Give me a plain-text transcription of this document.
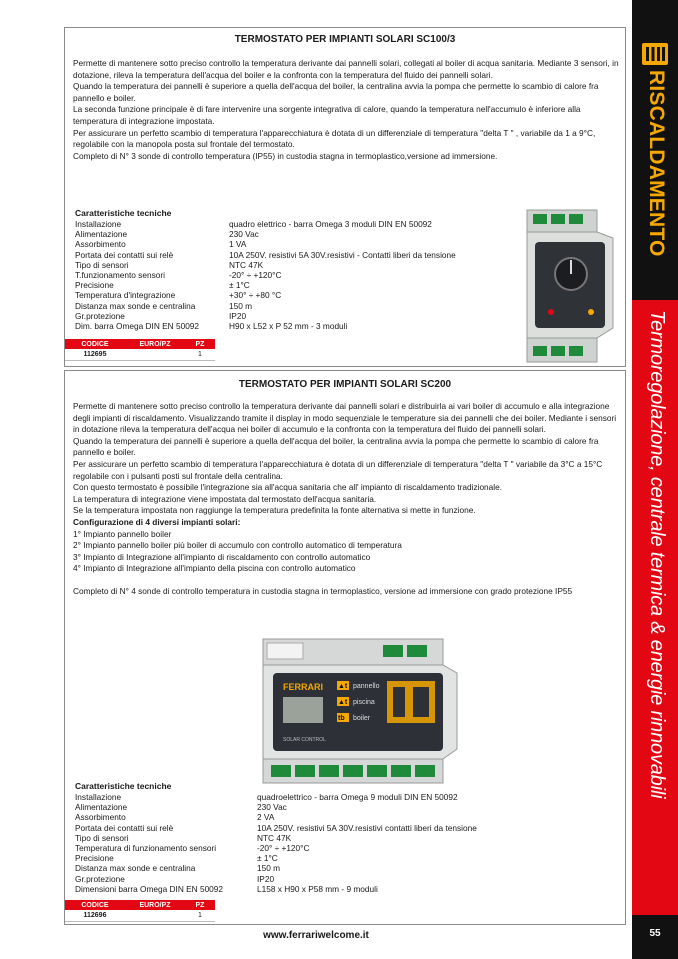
RISCALDAMENTO
Termoregolazione, centrale termica & energie rinnovabili
55
TERMOSTATO PER IMPIANTI SOLARI SC100/3

Permette di mantenere sotto preciso controllo la temperatura derivante dai pannelli solari, collegati al boiler di acqua sanitaria. Mediante 3 sensori, in dotazione, rileva la temperatura dell'acqua del boiler e la confronta con la temperatura del fluido dei pannelli solari.

Quando la temperatura dei pannelli è superiore a quella dell'acqua del boiler, la centralina avvia la pompa che permette lo scambio di calore fra pannello e boiler.

La seconda funzione principale è di fare intervenire una sorgente integrativa di calore, quando la temperatura nell'accumulo è inferiore alla temperatura di integrazione impostata.

Per assicurare un perfetto scambio di temperatura l'apparecchiatura è dotata di un differenziale di temperatura "delta T " , variabile da 1 a 9°C, regolabile con la manopola posta sul frontale del termostato.

Completo di N° 3 sonde di controllo temperatura (IP55) in custodia stagna in termoplastico,versione ad immersione.

Caratteristiche tecniche
Installazione	quadro elettrico - barra Omega 3 moduli DIN EN 50092
Alimentazione	230 Vac
Assorbimento	1 VA
Portata dei contatti sui relè	10A 250V. resistivi 5A 30V.resistivi - Contatti liberi da tensione
Tipo di sensori	NTC 47K
T.funzionamento sensori	-20° ÷ +120°C
Precisione	± 1°C
Temperatura d'integrazione	+30° ÷ +80 °C
Distanza max sonde e centralina	150 m
Gr.protezione	IP20
Dim. barra Omega DIN EN 50092	H90 x L52 x P 52 mm - 3 moduli
CODICE	EURO/PZ	PZ
112695		1
TERMOSTATO PER IMPIANTI SOLARI SC200

Permette di mantenere sotto preciso controllo la temperatura derivante dai pannelli solari e distribuirla ai vari boiler di accumulo e alla integrazione degli impianti di riscaldamento. Visualizzando tramite il display in modo sequenziale le temperature sia dei pannelli che dei boiler. Mediante i sensori in dotazione rileva la temperatura dell'acqua nei boiler di accumulo e la confronta con la temperatura del fluido dei pannelli solari.

Quando la temperatura dei pannelli è superiore a quella dell'acqua del boiler, la centralina avvia la pompa che permette lo scambio di calore fra pannello e boiler.

Per assicurare un perfetto scambio di temperatura l'apparecchiatura è dotata di un differenziale di temperatura "delta T " variabile da 3°C a 15°C regolabile con i pulsanti posti sul frontale della centralina.

Con questo termostato è possibile l'integrazione sia all'acqua sanitaria che all' impianto di riscaldamento tradizionale.

La temperatura di integrazione viene impostata dal termostato dell'acqua sanitaria.

Se la temperatura impostata non raggiunge la temperatura predefinita la fonte alternativa si mette in funzione.

Configurazione di 4 diversi impianti solari:

1° Impianto pannello boiler

2° Impianto pannello boiler più boiler di accumulo con controllo automatico di temperatura

3° Impianto di Integrazione all'impianto di riscaldamento con controllo automatico

4° Impianto di Integrazione all'impianto della piscina con controllo automatico

Completo di N° 4 sonde di controllo temperatura in custodia stagna in termoplastico, versione ad immersione con grado protezione IP55

FERRARI ▲t pannello
▲t piscina
tb boiler
SOLAR CONTROL
Caratteristiche tecniche
Installazione	quadroelettrico - barra Omega 9 moduli DIN EN 50092
Alimentazione	230 Vac
Assorbimento	2 VA
Portata dei contatti sui relè	10A 250V. resistivi 5A 30V.resistivi contatti liberi da tensione
Tipo di sensori	NTC 47K
Temperatura di funzionamento sensori	-20° ÷ +120°C
Precisione	± 1°C
Distanza max sonde e centralina	150 m
Gr.protezione	IP20
Dimensioni barra Omega DIN EN 50092	L158 x H90 x P58 mm - 9 moduli
CODICE	EURO/PZ	PZ
112696		1
www.ferrariwelcome.it
